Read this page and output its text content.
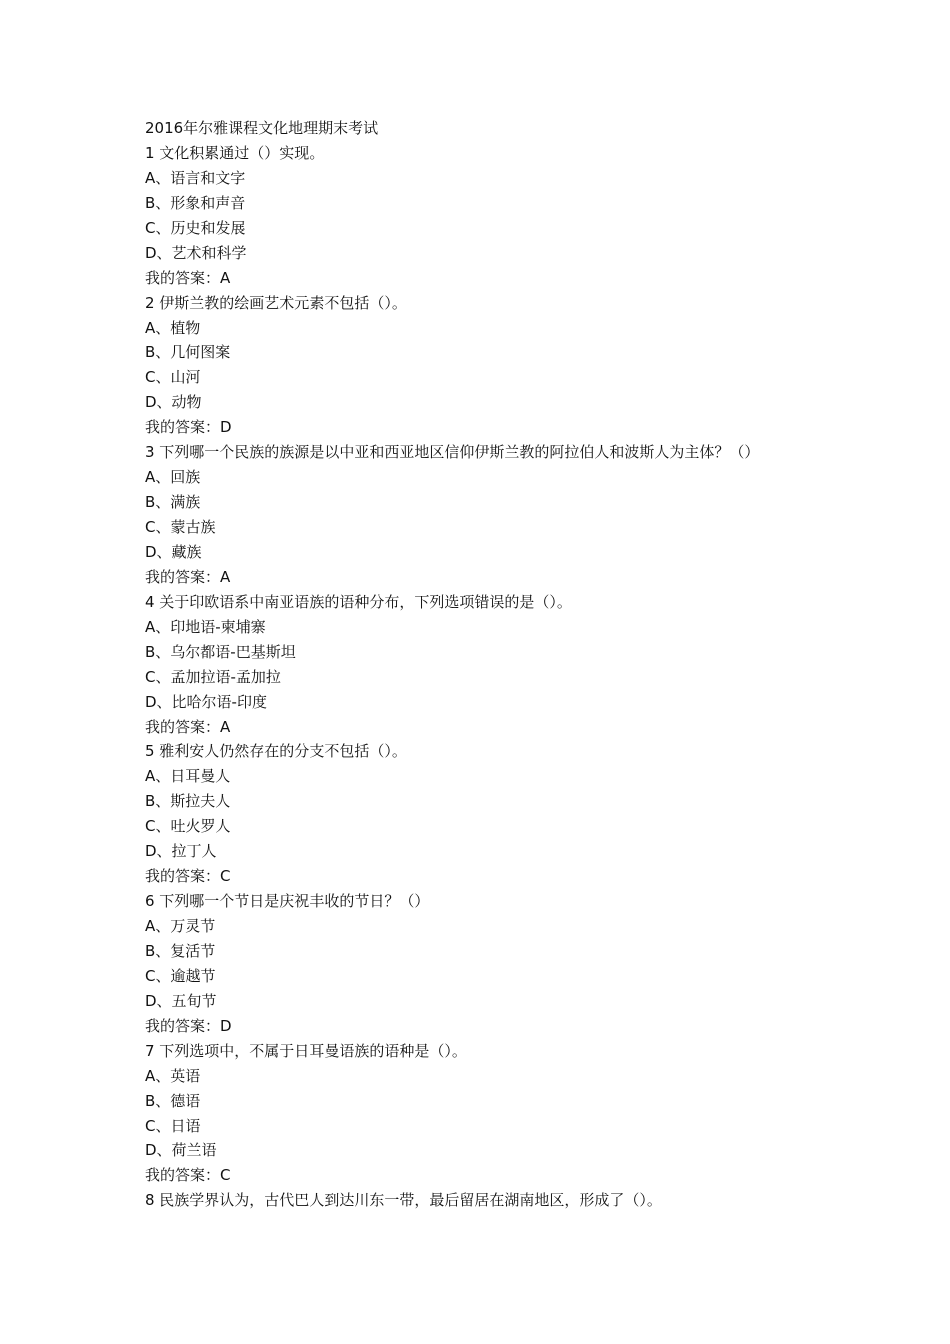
2016年尔雅课程文化地理期末考试
1 文化积累通过（）实现。
A、语言和文字
B、形象和声音
C、历史和发展
D、艺术和科学
我的答案：A
2 伊斯兰教的绘画艺术元素不包括（）。
A、植物
B、几何图案
C、山河
D、动物
我的答案：D
3 下列哪一个民族的族源是以中亚和西亚地区信仰伊斯兰教的阿拉伯人和波斯人为主体？（）
A、回族
B、满族
C、蒙古族
D、藏族
我的答案：A
4 关于印欧语系中南亚语族的语种分布，下列选项错误的是（）。
A、印地语-柬埔寨
B、乌尔都语-巴基斯坦
C、孟加拉语-孟加拉
D、比哈尔语-印度
我的答案：A
5 雅利安人仍然存在的分支不包括（）。
A、日耳曼人
B、斯拉夫人
C、吐火罗人
D、拉丁人
我的答案：C
6 下列哪一个节日是庆祝丰收的节日？（）
A、万灵节
B、复活节
C、逾越节
D、五旬节
我的答案：D
7 下列选项中，不属于日耳曼语族的语种是（）。
A、英语
B、德语
C、日语
D、荷兰语
我的答案：C
8 民族学界认为，古代巴人到达川东一带，最后留居在湖南地区，形成了（）。
